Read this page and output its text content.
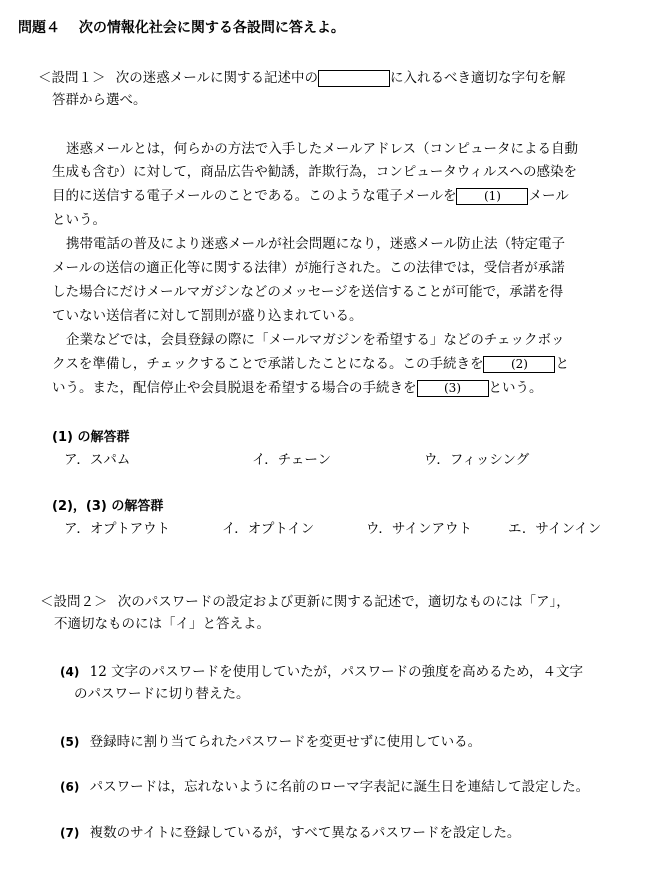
問題４ 次の情報化社会に関する各設問に答えよ。
＜設問１＞ 次の迷惑メールに関する記述中の	に入れるべき適切な字句を解
答群から選べ。
迷惑メールとは，何らかの方法で入手したメールアドレス（コンピュータによる自動
生成も含む）に対して，商品広告や勧誘，詐欺行為，コンピュータウィルスへの感染を
目的に送信する電子メールのことである。このような電子メールを (1) メール
という。
携帯電話の普及により迷惑メールが社会問題になり，迷惑メール防止法（特定電子
メールの送信の適正化等に関する法律）が施行された。この法律では，受信者が承諾
した場合にだけメールマガジンなどのメッセージを送信することが可能で，承諾を得
ていない送信者に対して罰則が盛り込まれている。
企業などでは，会員登録の際に「メールマガジンを希望する」などのチェックボッ
クスを準備し，チェックすることで承諾したことになる。この手続きを (2) と
いう。また，配信停止や会員脱退を希望する場合の手続きを (3) という。
(1) の解答群
ア．スパム	イ．チェーン	ウ．フィッシング
(2)，(3) の解答群
ア．オプトアウト	イ．オプトイン	ウ．サインアウト	エ．サインイン
＜設問２＞ 次のパスワードの設定および更新に関する記述で，適切なものには「ア」，
不適切なものには「イ」と答えよ。
(4) 12 文字のパスワードを使用していたが，パスワードの強度を高めるため，４文字
のパスワードに切り替えた。
(5) 登録時に割り当てられたパスワードを変更せずに使用している。
(6) パスワードは，忘れないように名前のローマ字表記に誕生日を連結して設定した。
(7) 複数のサイトに登録しているが，すべて異なるパスワードを設定した。
